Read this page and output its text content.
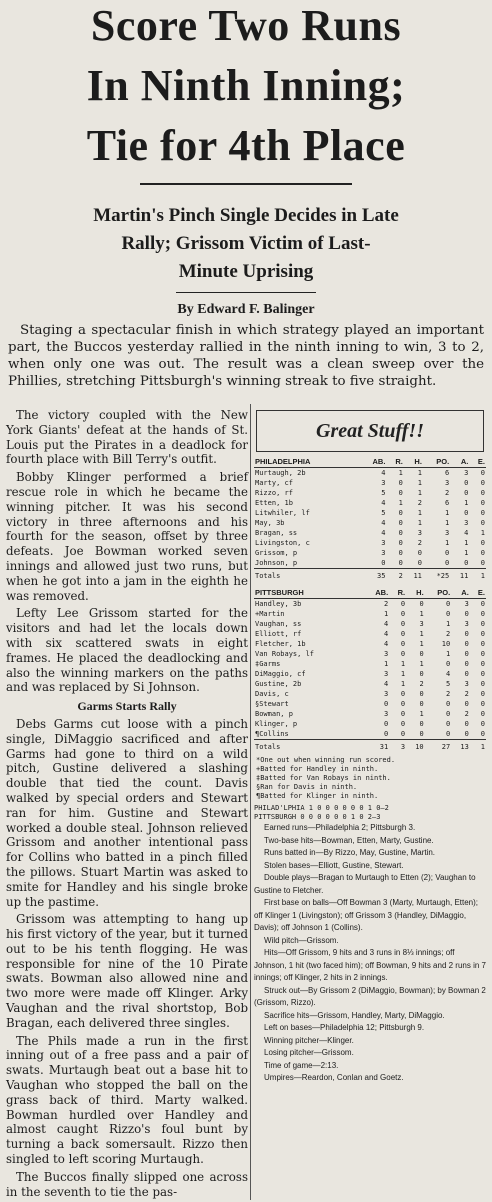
Score Two Runs
In Ninth Inning;
Tie for 4th Place
Martin's Pinch Single Decides in Late
Rally; Grissom Victim of Last-
Minute Uprising
By Edward F. Balinger

Staging a spectacular finish in which strategy played an important part, the Buccos yesterday rallied in the ninth inning to win, 3 to 2, when only one was out. The result was a clean sweep over the Phillies, stretching Pittsburgh's winning streak to five straight.

The victory coupled with the New York Giants' defeat at the hands of St. Louis put the Pirates in a deadlock for fourth place with Bill Terry's outfit.

Bobby Klinger performed a brief rescue role in which he became the winning pitcher. It was his second victory in three afternoons and his fourth for the season, offset by three defeats. Joe Bowman worked seven innings and allowed just two runs, but when he got into a jam in the eighth he was removed.

Lefty Lee Grissom started for the visitors and had let the locals down with six scattered swats in eight frames. He placed the deadlocking and also the winning markers on the paths and was replaced by Si Johnson.

Garms Starts Rally

Debs Garms cut loose with a pinch single, DiMaggio sacrificed and after Garms had gone to third on a wild pitch, Gustine delivered a slashing double that tied the count. Davis walked by special orders and Stewart ran for him. Gustine and Stewart worked a double steal. Johnson relieved Grissom and another intentional pass for Collins who batted in a pinch filled the pillows. Stuart Martin was asked to smite for Handley and his single broke up the pastime.

Grissom was attempting to hang up his first victory of the year, but it turned out to be his tenth flogging. He was responsible for nine of the 10 Pirate swats. Bowman also allowed nine and two more were made off Klinger. Arky Vaughan and the rival shortstop, Bob Bragan, each delivered three singles.

The Phils made a run in the first inning out of a free pass and a pair of swats. Murtaugh beat out a base hit to Vaughan who stopped the ball on the grass back of third. Marty walked. Bowman hurdled over Handley and almost caught Rizzo's foul bunt by turning a back somersault. Rizzo then singled to left scoring Murtaugh.

The Buccos finally slipped one across in the seventh to tie the pas-

Great Stuff!!
PHILADELPHIA	AB.	R.	H.	PO.	A.	E.
Murtaugh, 2b	4	1	1	6	3	0
Marty, cf	3	0	1	3	0	0
Rizzo, rf	5	0	1	2	0	0
Etten, 1b	4	1	2	6	1	0
Litwhiler, lf	5	0	1	1	0	0
May, 3b	4	0	1	1	3	0
Bragan, ss	4	0	3	3	4	1
Livingston, c	3	0	2	1	1	0
Grissom, p	3	0	0	0	1	0
Johnson, p	0	0	0	0	0	0
Totals	35	2	11	*25	11	1
PITTSBURGH	AB.	R.	H.	PO.	A.	E.
Handley, 3b	2	0	0	0	3	0
+Martin	1	0	1	0	0	0
Vaughan, ss	4	0	3	1	3	0
Elliott, rf	4	0	1	2	0	0
Fletcher, 1b	4	0	1	10	0	0
Van Robays, lf	3	0	0	1	0	0
‡Garms	1	1	1	0	0	0
DiMaggio, cf	3	1	0	4	0	0
Gustine, 2b	4	1	2	5	3	0
Davis, c	3	0	0	2	2	0
§Stewart	0	0	0	0	0	0
Bowman, p	3	0	1	0	2	0
Klinger, p	0	0	0	0	0	0
¶Collins	0	0	0	0	0	0
Totals	31	3	10	27	13	1
*One out when winning run scored.
+Batted for Handley in ninth.
‡Batted for Van Robays in ninth.
§Ran for Davis in ninth.
¶Batted for Klinger in ninth.
PHILAD'LPHIA 1 0 0 0 0 0 0 1 0—2
PITTSBURGH 0 0 0 0 0 0 1 0 2—3

Earned runs—Philadelphia 2; Pittsburgh 3.

Two-base hits—Bowman, Etten, Marty, Gustine.

Runs batted in—By Rizzo, May, Gustine, Martin.

Stolen bases—Elliott, Gustine, Stewart.

Double plays—Bragan to Murtaugh to Etten (2); Vaughan to Gustine to Fletcher.

First base on balls—Off Bowman 3 (Marty, Murtaugh, Etten); off Klinger 1 (Livingston); off Grissom 3 (Handley, DiMaggio, Davis); off Johnson 1 (Collins).

Wild pitch—Grissom.

Hits—Off Grissom, 9 hits and 3 runs in 8⅓ innings; off Johnson, 1 hit (two faced him); off Bowman, 9 hits and 2 runs in 7 innings; off Klinger, 2 hits in 2 innings.

Struck out—By Grissom 2 (DiMaggio, Bowman); by Bowman 2 (Grissom, Rizzo).

Sacrifice hits—Grissom, Handley, Marty, DiMaggio.

Left on bases—Philadelphia 12; Pittsburgh 9.

Winning pitcher—Klinger.

Losing pitcher—Grissom.

Time of game—2:13.

Umpires—Reardon, Conlan and Goetz.
